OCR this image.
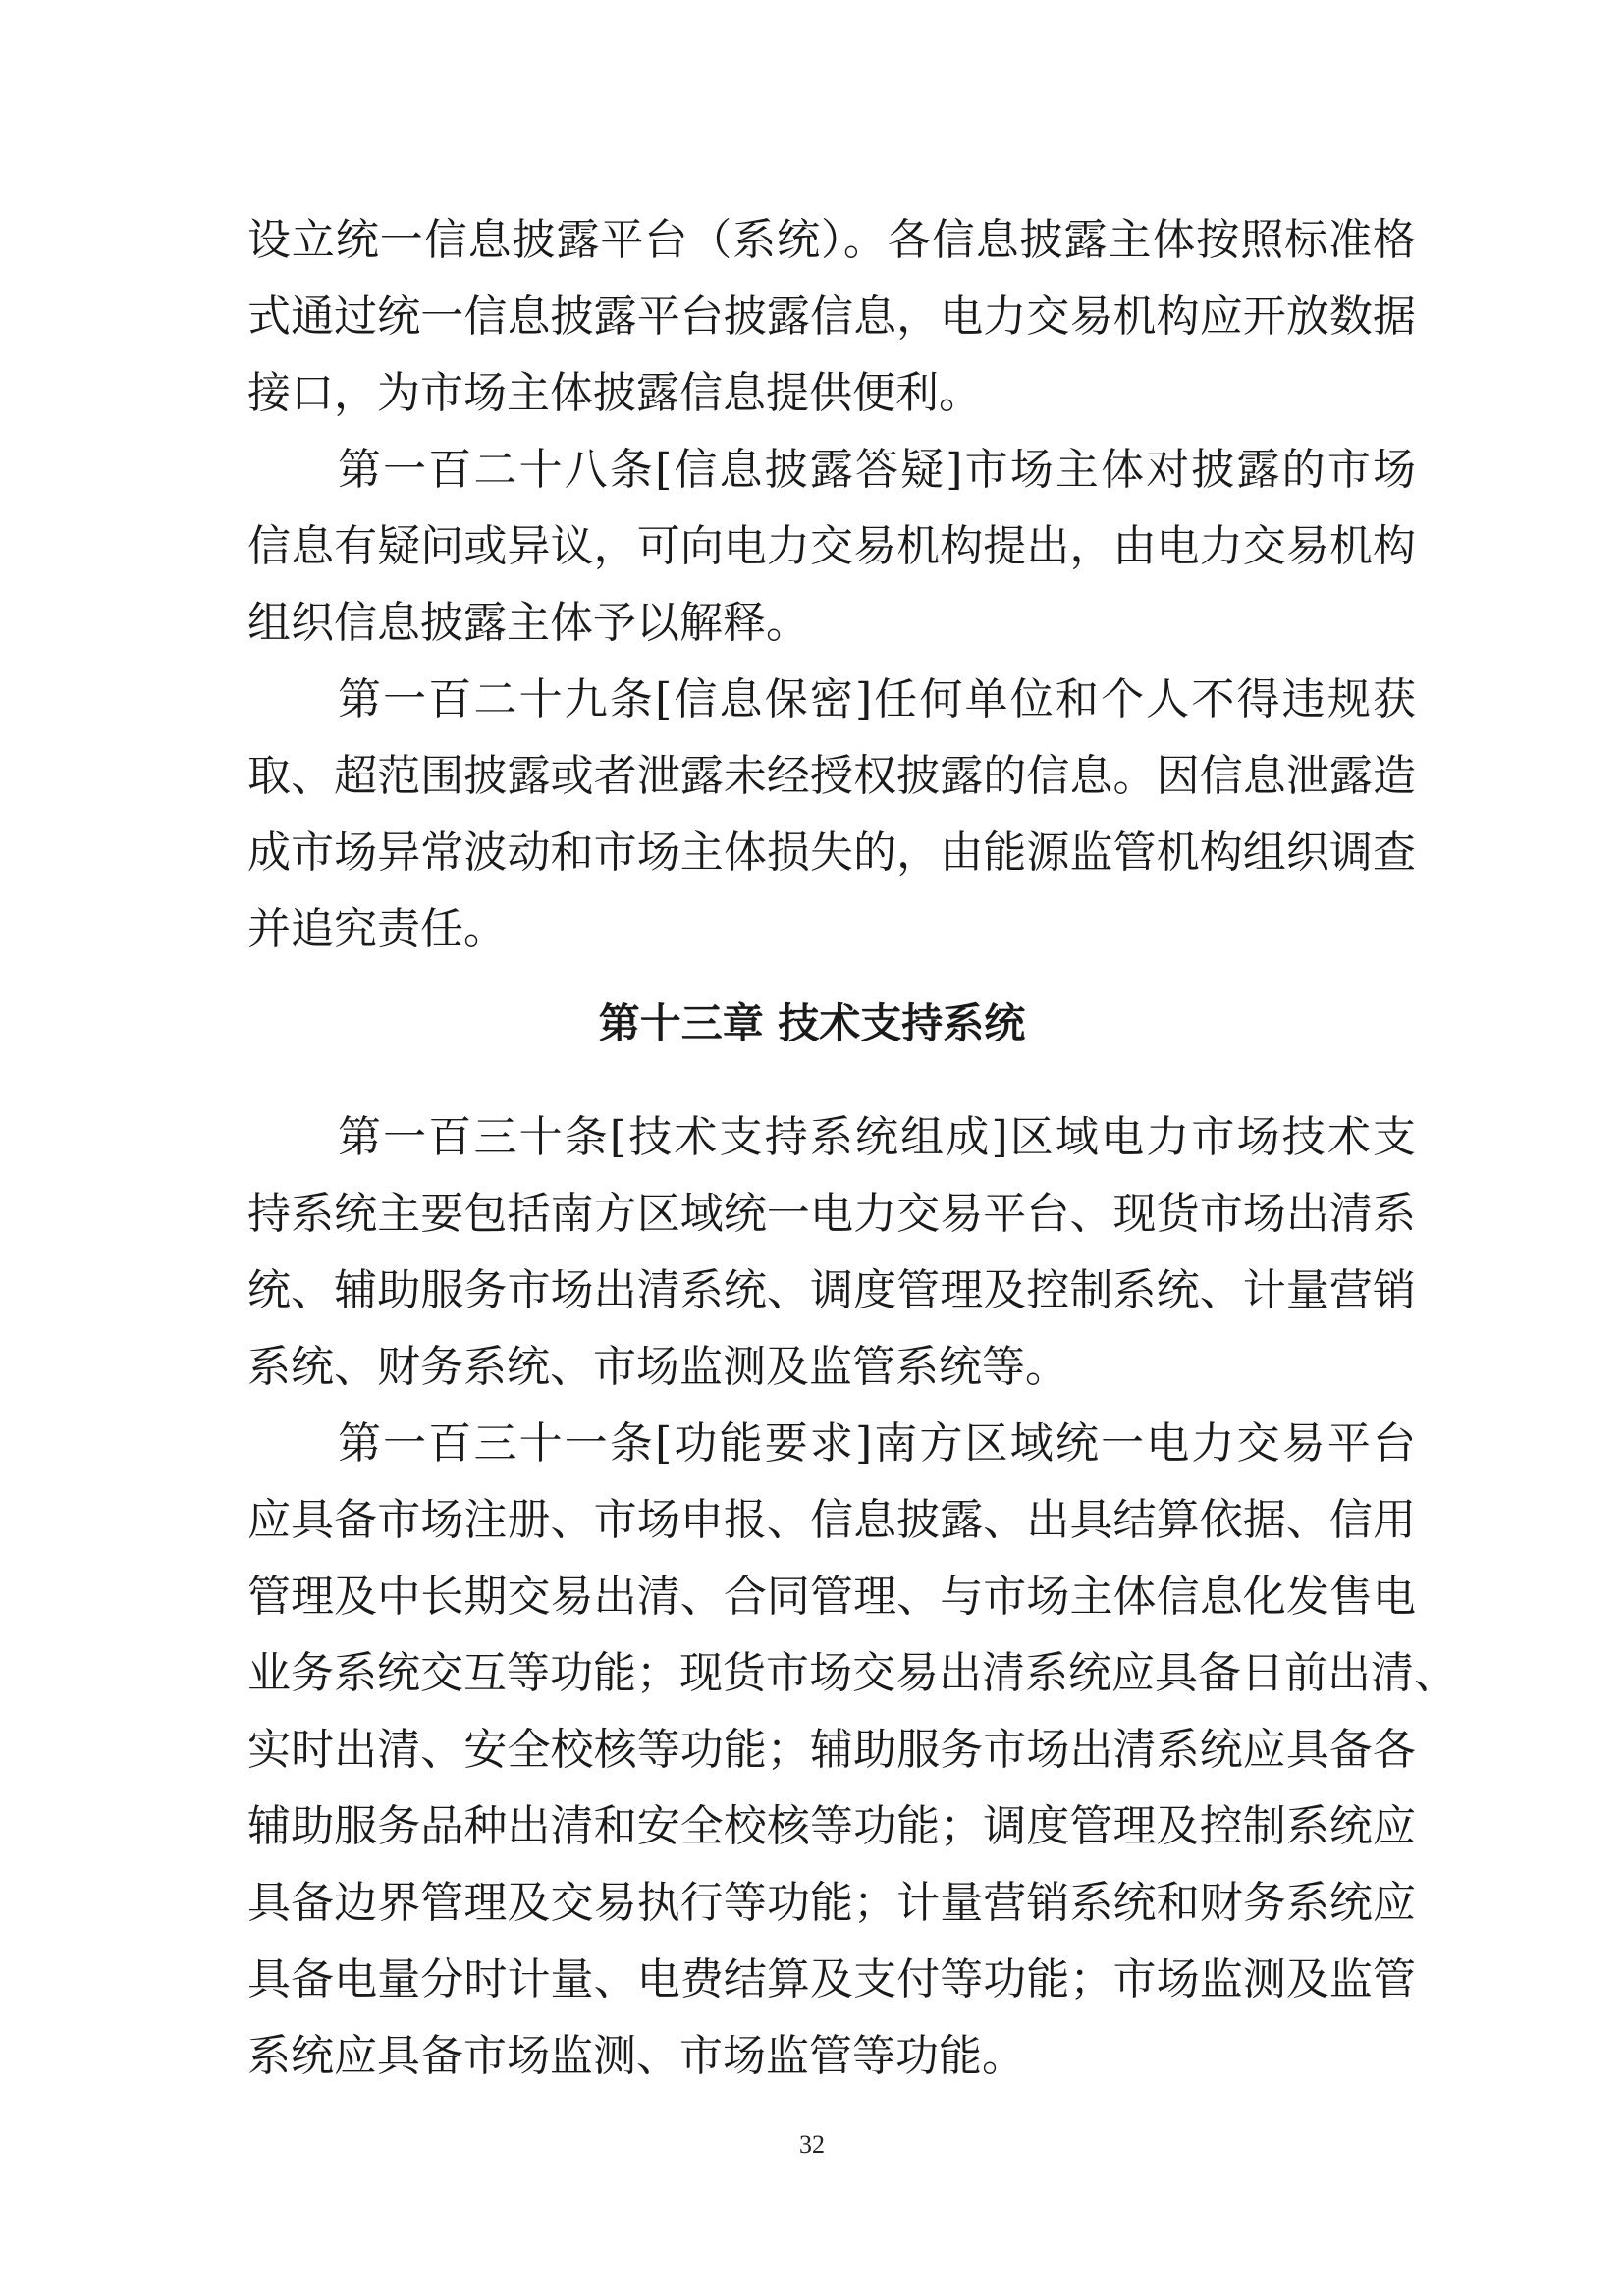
设立统一信息披露平台（系统）。各信息披露主体按照标准格
式通过统一信息披露平台披露信息，电力交易机构应开放数据
接口，为市场主体披露信息提供便利。
第一百二十八条[信息披露答疑]市场主体对披露的市场
信息有疑问或异议，可向电力交易机构提出，由电力交易机构
组织信息披露主体予以解释。
第一百二十九条[信息保密]任何单位和个人不得违规获
取、超范围披露或者泄露未经授权披露的信息。因信息泄露造
成市场异常波动和市场主体损失的，由能源监管机构组织调查
并追究责任。
第十三章 技术支持系统
第一百三十条[技术支持系统组成]区域电力市场技术支
持系统主要包括南方区域统一电力交易平台、现货市场出清系
统、辅助服务市场出清系统、调度管理及控制系统、计量营销
系统、财务系统、市场监测及监管系统等。
第一百三十一条[功能要求]南方区域统一电力交易平台
应具备市场注册、市场申报、信息披露、出具结算依据、信用
管理及中长期交易出清、合同管理、与市场主体信息化发售电
业务系统交互等功能；现货市场交易出清系统应具备日前出清、
实时出清、安全校核等功能；辅助服务市场出清系统应具备各
辅助服务品种出清和安全校核等功能；调度管理及控制系统应
具备边界管理及交易执行等功能；计量营销系统和财务系统应
具备电量分时计量、电费结算及支付等功能；市场监测及监管
系统应具备市场监测、市场监管等功能。
32
